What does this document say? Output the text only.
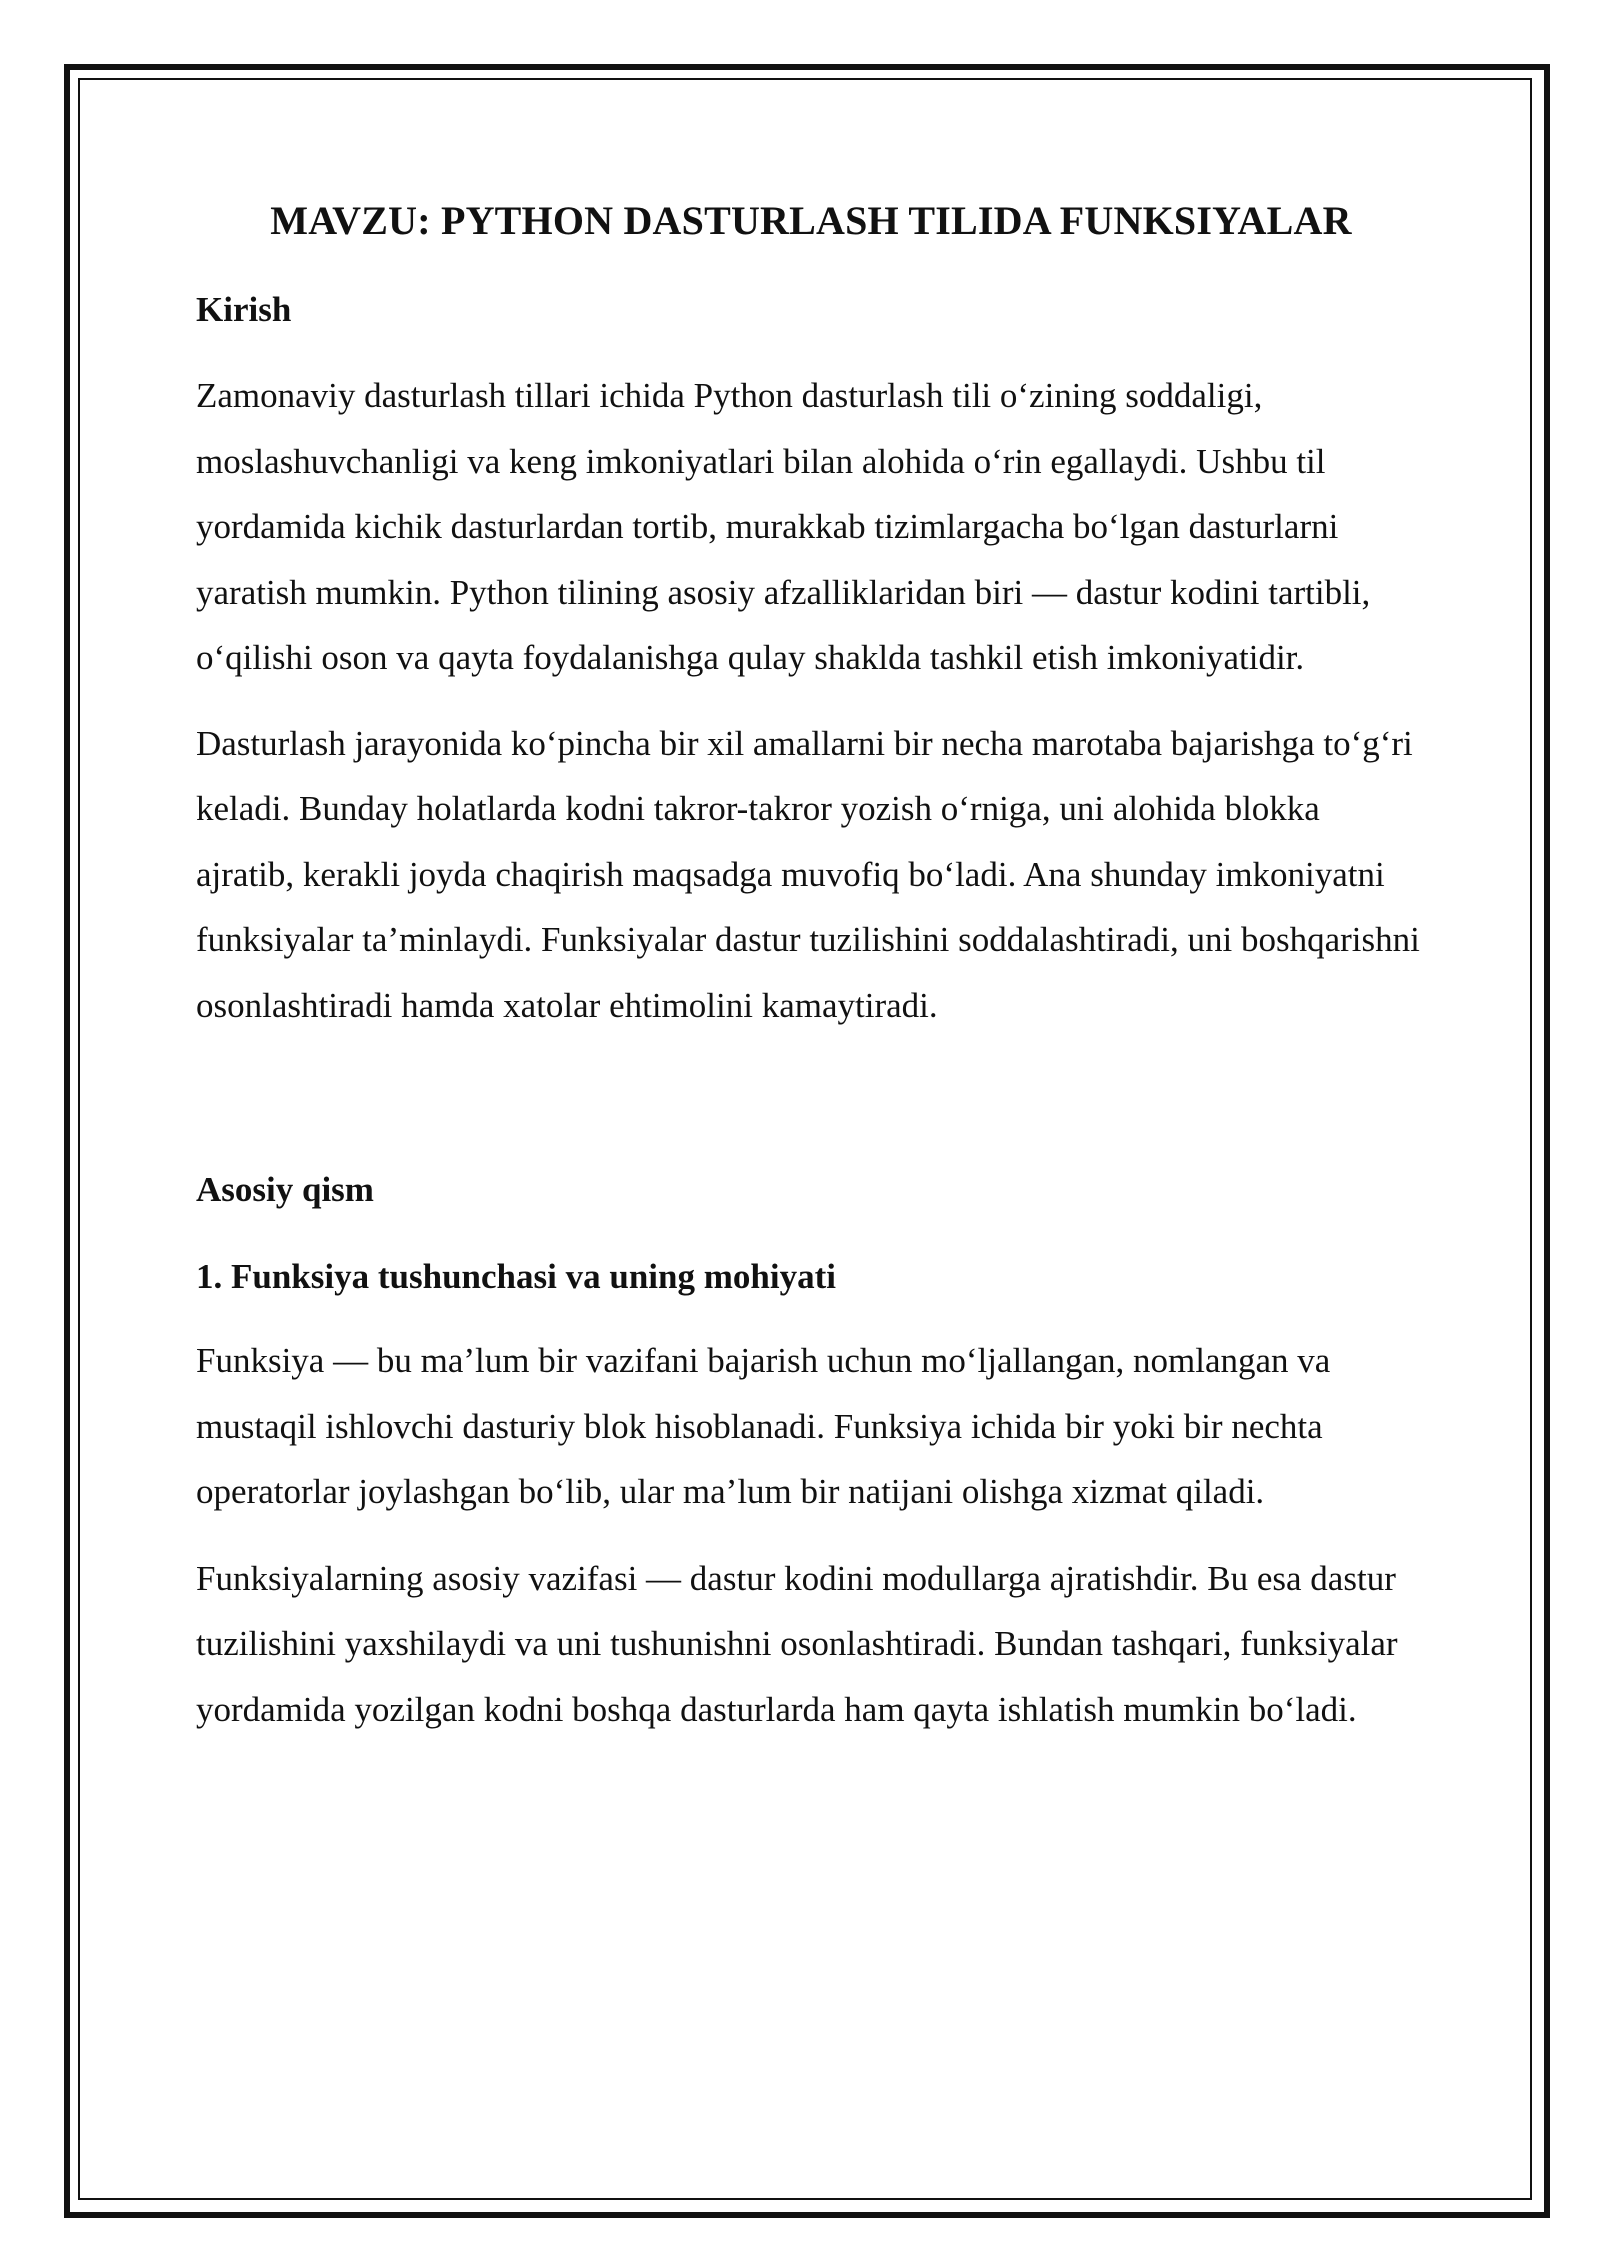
MAVZU: PYTHON DASTURLASH TILIDA FUNKSIYALAR
Kirish

Zamonaviy dasturlash tillari ichida Python dasturlash tili o‘zining soddaligi, moslashuvchanligi va keng imkoniyatlari bilan alohida o‘rin egallaydi. Ushbu til yordamida kichik dasturlardan tortib, murakkab tizimlargacha bo‘lgan dasturlarni yaratish mumkin. Python tilining asosiy afzalliklaridan biri — dastur kodini tartibli, o‘qilishi oson va qayta foydalanishga qulay shaklda tashkil etish imkoniyatidir.

Dasturlash jarayonida ko‘pincha bir xil amallarni bir necha marotaba bajarishga to‘g‘ri keladi. Bunday holatlarda kodni takror-takror yozish o‘rniga, uni alohida blokka ajratib, kerakli joyda chaqirish maqsadga muvofiq bo‘ladi. Ana shunday imkoniyatni funksiyalar ta’minlaydi. Funksiyalar dastur tuzilishini soddalashtiradi, uni boshqarishni osonlashtiradi hamda xatolar ehtimolini kamaytiradi.

Asosiy qism
1. Funksiya tushunchasi va uning mohiyati

Funksiya — bu ma’lum bir vazifani bajarish uchun mo‘ljallangan, nomlangan va mustaqil ishlovchi dasturiy blok hisoblanadi. Funksiya ichida bir yoki bir nechta operatorlar joylashgan bo‘lib, ular ma’lum bir natijani olishga xizmat qiladi.

Funksiyalarning asosiy vazifasi — dastur kodini modullarga ajratishdir. Bu esa dastur tuzilishini yaxshilaydi va uni tushunishni osonlashtiradi. Bundan tashqari, funksiyalar yordamida yozilgan kodni boshqa dasturlarda ham qayta ishlatish mumkin bo‘ladi.
